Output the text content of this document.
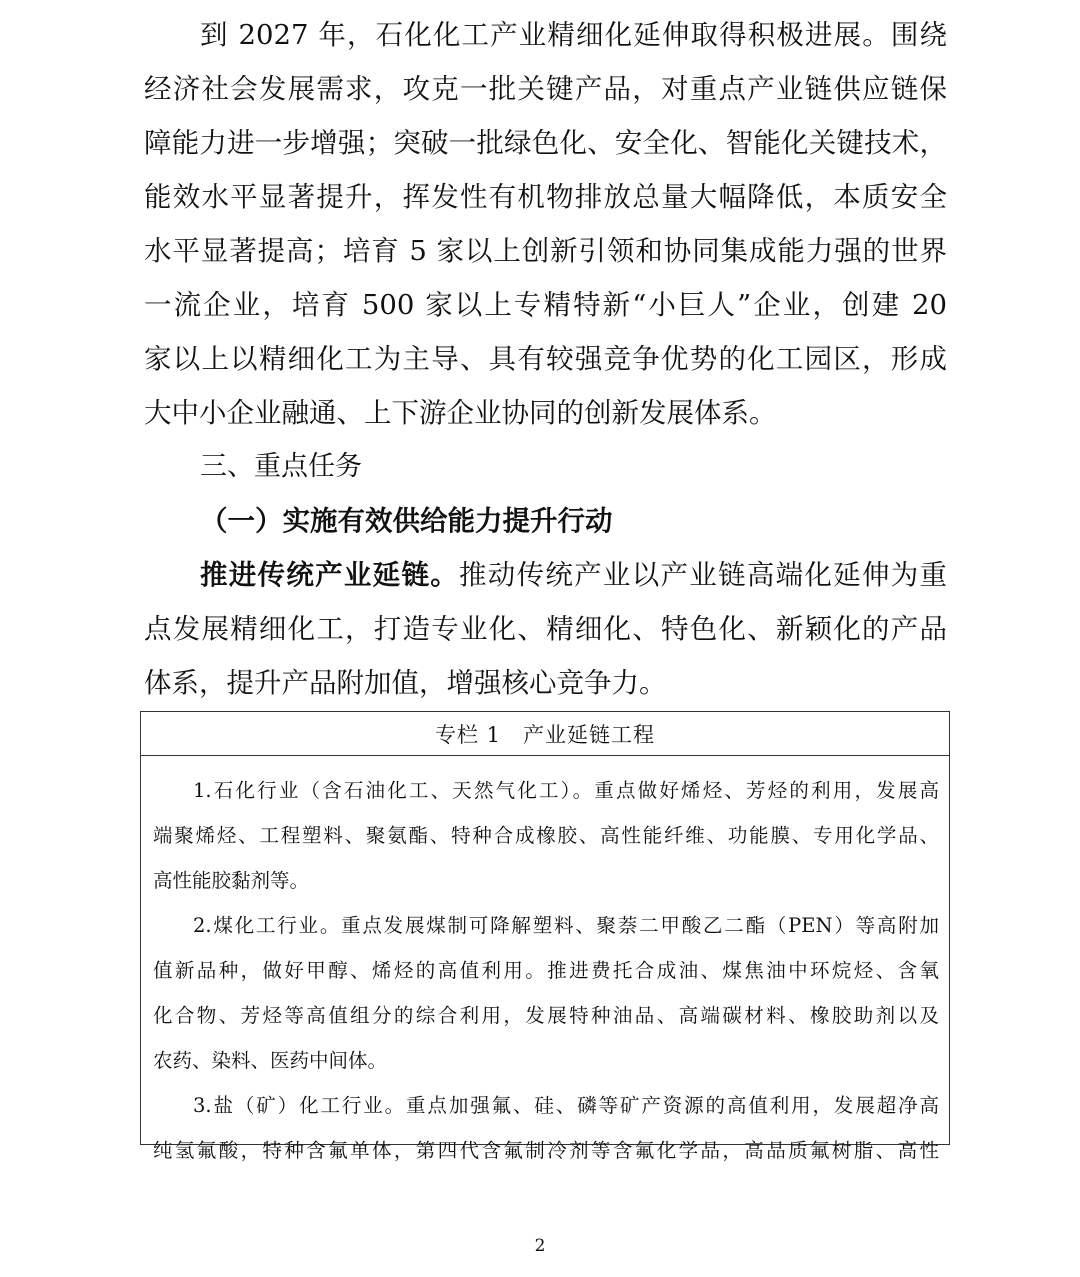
到 2027 年，石化化工产业精细化延伸取得积极进展。围绕
经济社会发展需求，攻克一批关键产品，对重点产业链供应链保
障能力进一步增强；突破一批绿色化、安全化、智能化关键技术，
能效水平显著提升，挥发性有机物排放总量大幅降低，本质安全
水平显著提高；培育 5 家以上创新引领和协同集成能力强的世界
一流企业，培育 500 家以上专精特新“小巨人”企业，创建 20
家以上以精细化工为主导、具有较强竞争优势的化工园区，形成
大中小企业融通、上下游企业协同的创新发展体系。
三、重点任务
（一）实施有效供给能力提升行动
推进传统产业延链。推动传统产业以产业链高端化延伸为重
点发展精细化工，打造专业化、精细化、特色化、新颖化的产品
体系，提升产品附加值，增强核心竞争力。
专栏 1　产业延链工程
1.石化行业（含石油化工、天然气化工）。重点做好烯烃、芳烃的利用，发展高
端聚烯烃、工程塑料、聚氨酯、特种合成橡胶、高性能纤维、功能膜、专用化学品、
高性能胶黏剂等。
2.煤化工行业。重点发展煤制可降解塑料、聚萘二甲酸乙二酯（PEN）等高附加
值新品种，做好甲醇、烯烃的高值利用。推进费托合成油、煤焦油中环烷烃、含氧
化合物、芳烃等高值组分的综合利用，发展特种油品、高端碳材料、橡胶助剂以及
农药、染料、医药中间体。
3.盐（矿）化工行业。重点加强氟、硅、磷等矿产资源的高值利用，发展超净高
纯氢氟酸，特种含氟单体，第四代含氟制冷剂等含氟化学品，高品质氟树脂、高性
2
